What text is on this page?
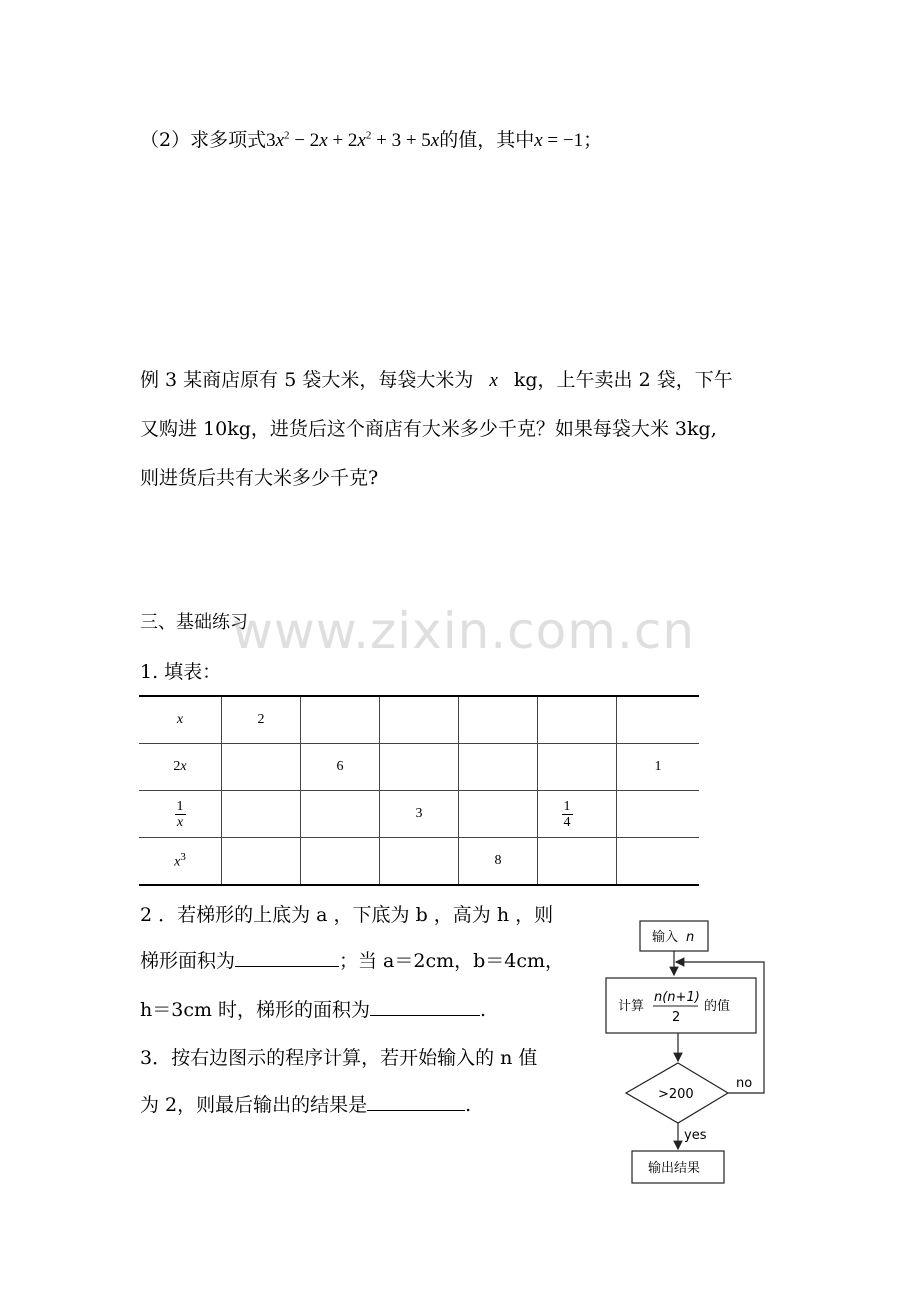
（2）求多项式$3x^2 - 2x + 2x^2 + 3 + 5x$的值，其中x = −1；
例 3 某商店原有 5 袋大米，每袋大米为 x kg，上午卖出 2 袋，下午
又购进 10kg，进货后这个商店有大米多少千克？如果每袋大米 3kg,
则进货后共有大米多少千克?
三、基础练习
www.zixin.com.cn
1. 填表：
x	2					
2x		6				1

$\frac{1}{x}$			3		$\frac{1}{4}$

$x^3$				8		
2 ．若梯形的上底为 a ，下底为 b ，高为 h ，则
梯形面积为	；当 a＝2cm，b＝4cm，
h＝3cm 时，梯形的面积为	.
3．按右边图示的程序计算，若开始输入的 n 值
为 2，则最后输出的结果是	.
输入 n
计算
n(n+1)
2
的值
>200
no
yes
输出结果
